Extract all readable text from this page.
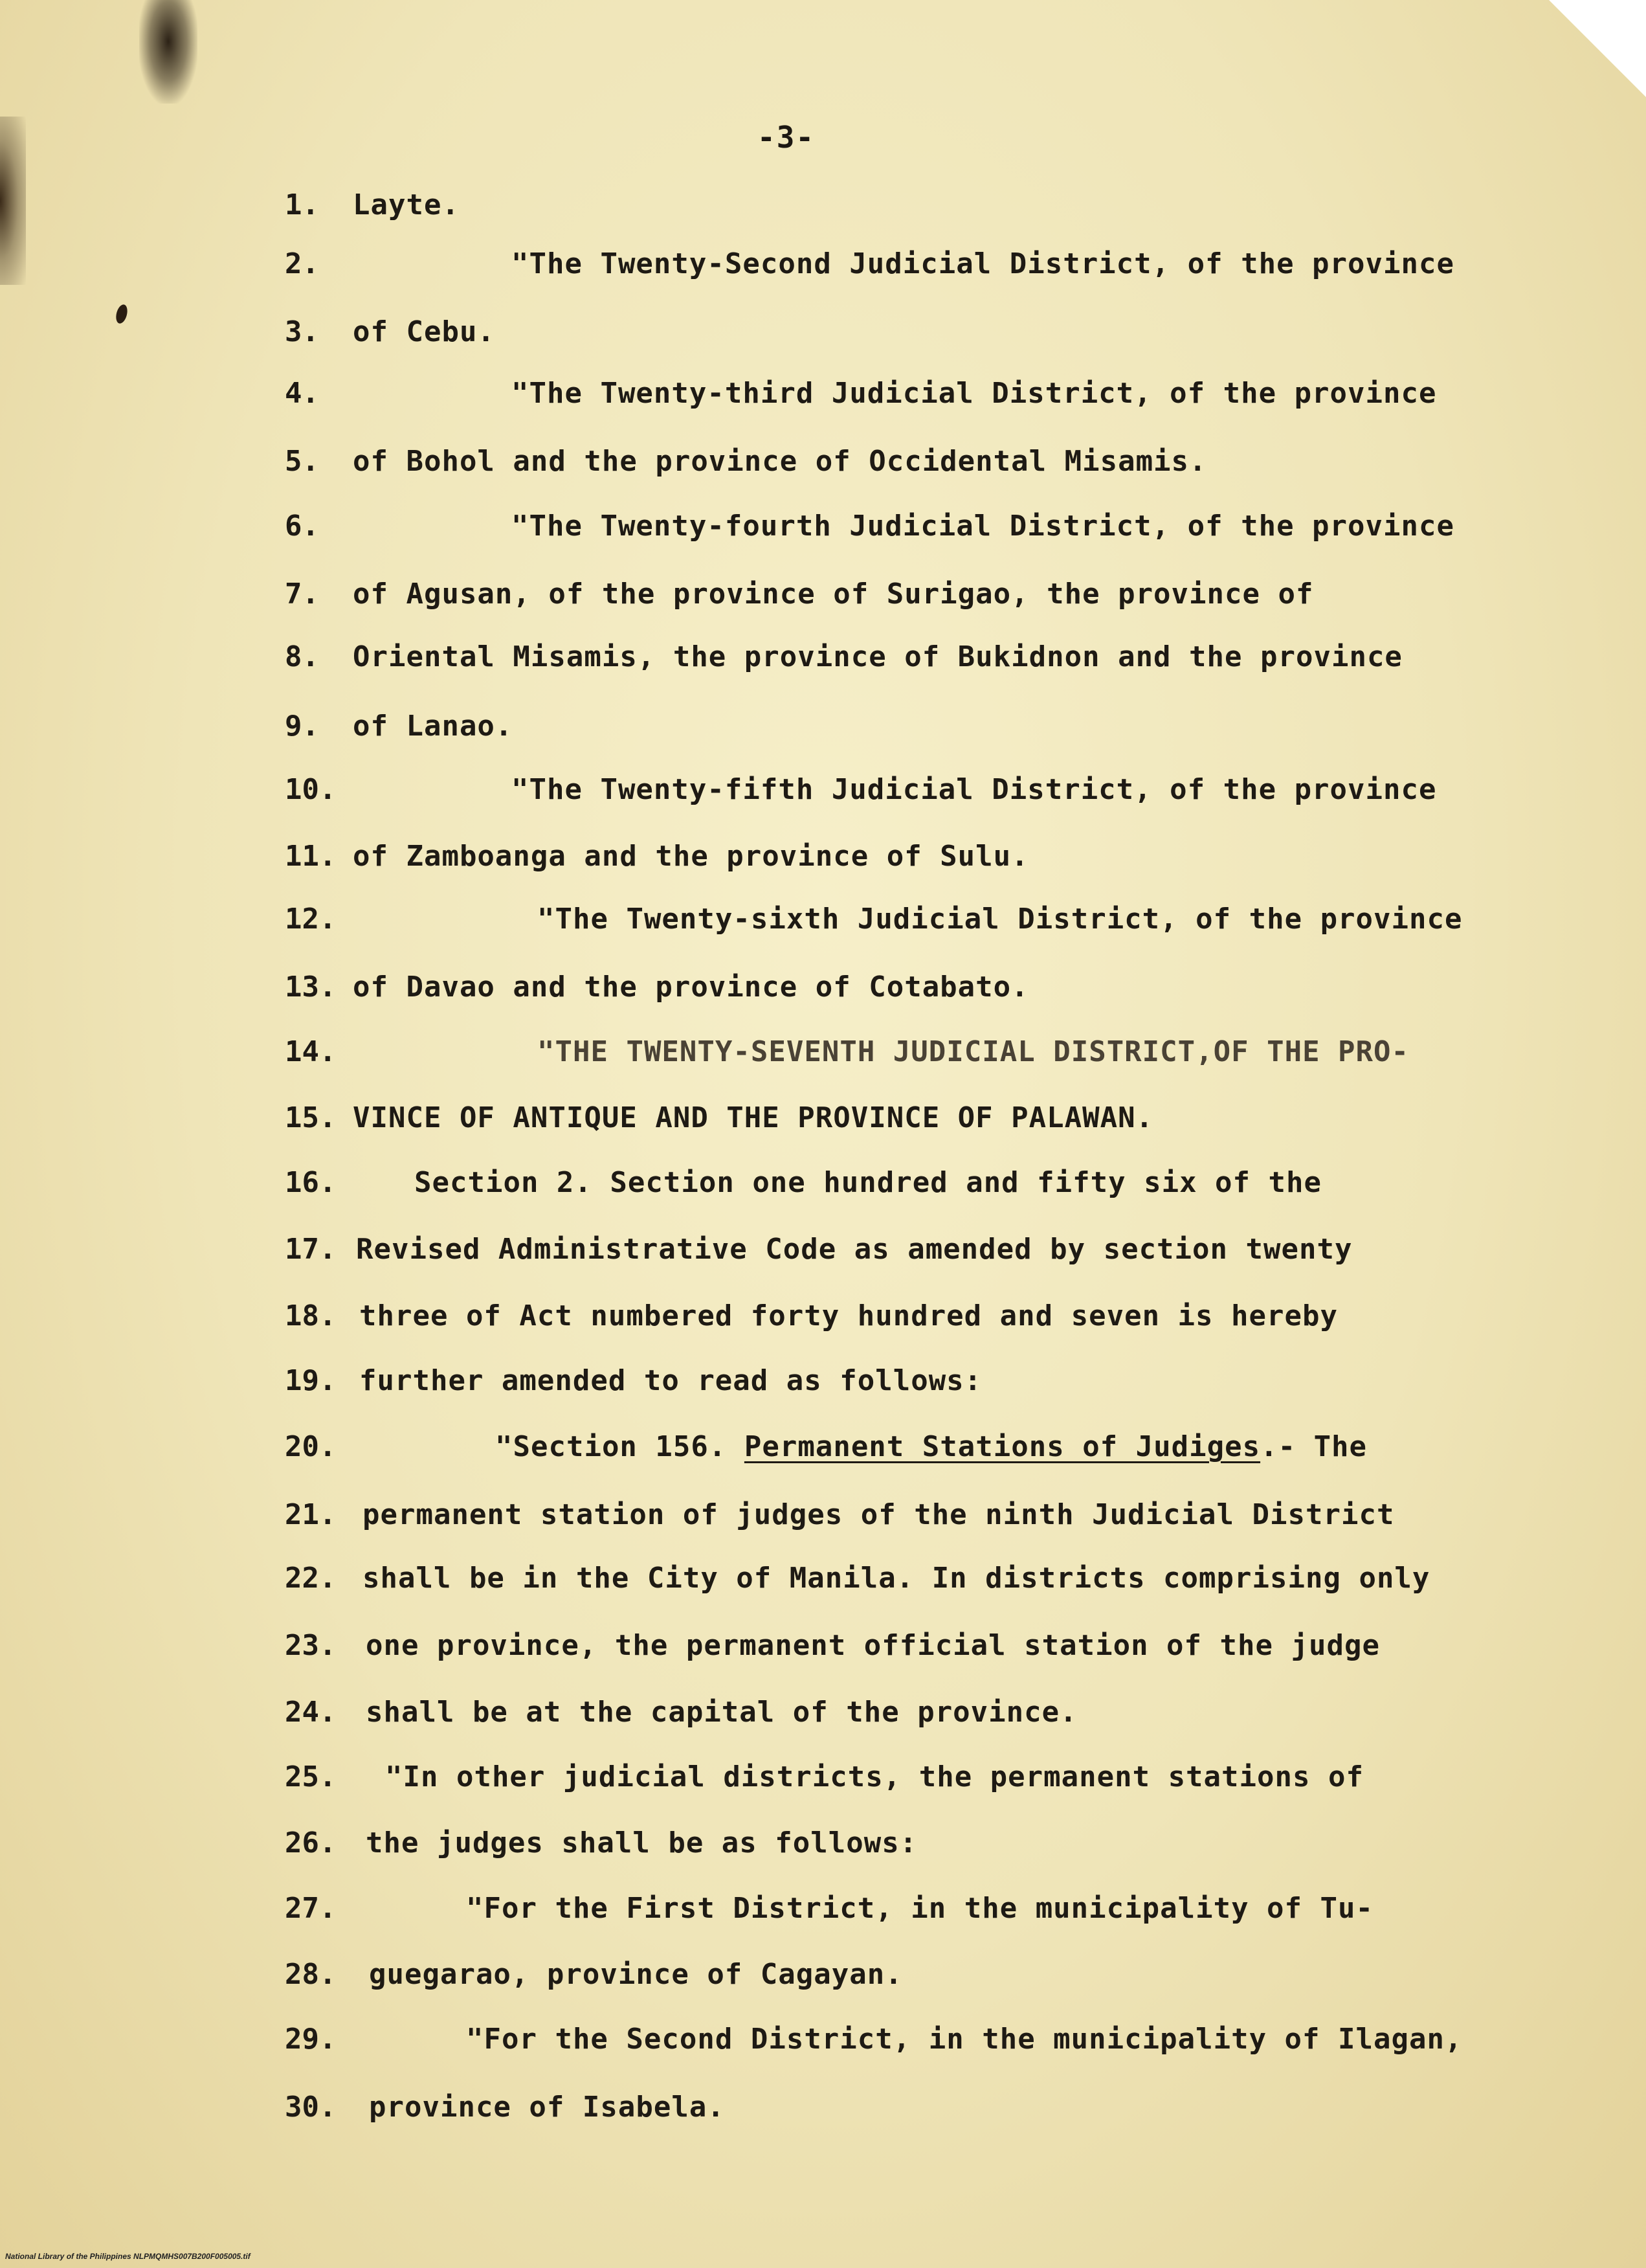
-3-
1. Layte.
2.	"The Twenty-Second Judicial District, of the province
3. of Cebu.
4.	"The Twenty-third Judicial District, of the province
5. of Bohol and the province of Occidental Misamis.
6.	"The Twenty-fourth Judicial District, of the province
7. of Agusan, of the province of Surigao, the province of
8. Oriental Misamis, the province of Bukidnon and the province
9. of Lanao.
10.	"The Twenty-fifth Judicial District, of the province
11. of Zamboanga and the province of Sulu.
12.	"The Twenty-sixth Judicial District, of the province
13. of Davao and the province of Cotabato.
14.	"THE TWENTY-SEVENTH JUDICIAL DISTRICT,OF THE PRO-
15. VINCE OF ANTIQUE AND THE PROVINCE OF PALAWAN.
16.	Section 2. Section one hundred and fifty six of the
17. Revised Administrative Code as amended by section twenty
18. three of Act numbered forty hundred and seven is hereby
19. further amended to read as follows:
20.	"Section 156. Permanent Stations of Judiges.- The
21. permanent station of judges of the ninth Judicial District
22. shall be in the City of Manila. In districts comprising only
23. one province, the permanent official station of the judge
24. shall be at the capital of the province.
25. "In other judicial districts, the permanent stations of
26. the judges shall be as follows:
27.	"For the First District, in the municipality of Tu-
28. guegarao, province of Cagayan.
29.	"For the Second District, in the municipality of Ilagan,
30. province of Isabela.
National Library of the Philippines NLPMQMHS007B200F005005.tif
